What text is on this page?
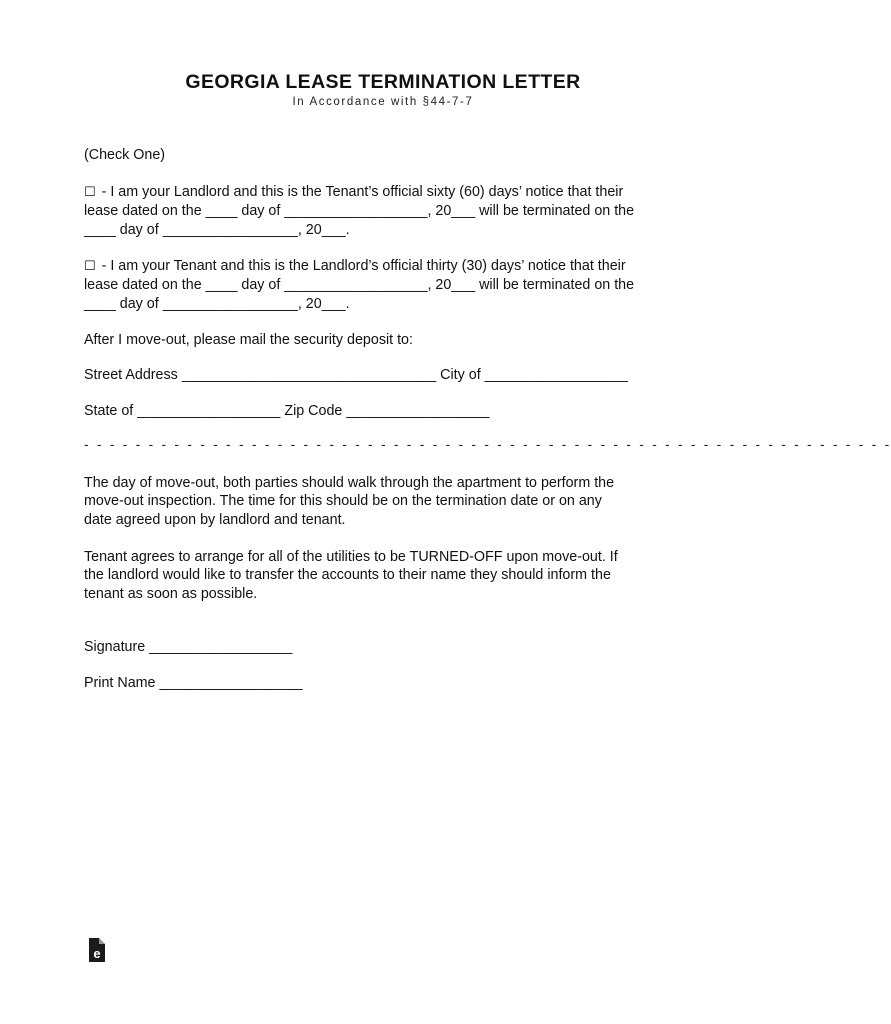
GEORGIA LEASE TERMINATION LETTER
In Accordance with §44-7-7

(Check One)

☐ - I am your Landlord and this is the Tenant’s official sixty (60) days’ notice that their
lease dated on the ____ day of __________________, 20___ will be terminated on the
____ day of _________________, 20___.
☐ - I am your Tenant and this is the Landlord’s official thirty (30) days’ notice that their
lease dated on the ____ day of __________________, 20___ will be terminated on the
____ day of _________________, 20___.

After I move-out, please mail the security deposit to:

Street Address ________________________________ City of __________________

State of __________________ Zip Code __________________

- - - - - - - - - - - - - - - - - - - - - - - - - - - - - - - - - - - - - - - - - - - - - - - - - - - - - - - - - - - - - - -
The day of move-out, both parties should walk through the apartment to perform the
move-out inspection. The time for this should be on the termination date or on any
date agreed upon by landlord and tenant.
Tenant agrees to arrange for all of the utilities to be TURNED-OFF upon move-out. If
the landlord would like to transfer the accounts to their name they should inform the
tenant as soon as possible.

Signature __________________

Print Name __________________

e
